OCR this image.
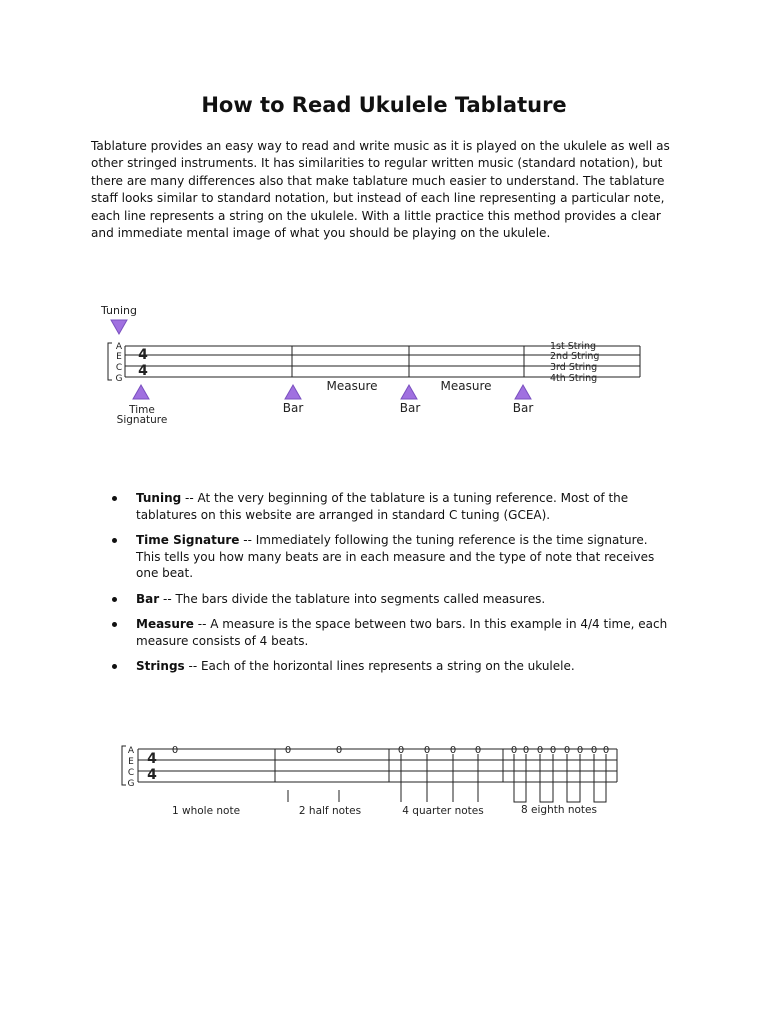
How to Read Ukulele Tablature

Tablature provides an easy way to read and write music as it is played on the ukulele as well as other stringed instruments. It has similarities to regular written music (standard notation), but there are many differences also that make tablature much easier to understand. The tablature staff looks similar to standard notation, but instead of each line representing a particular note, each line represents a string on the ukulele. With a little practice this method provides a clear and immediate mental image of what you should be playing on the ukulele.

Tuning
A
E
C
G
4
4
1st String
2nd String
3rd String
4th String
Time
Signature
Bar	Bar	Bar
Measure	Measure
Tuning -- At the very beginning of the tablature is a tuning reference. Most of the tablatures on this website are arranged in standard C tuning (GCEA).
Time Signature -- Immediately following the tuning reference is the time signature. This tells you how many beats are in each measure and the type of note that receives one beat.
Bar -- The bars divide the tablature into segments called measures.
Measure -- A measure is the space between two bars. In this example in 4/4 time, each measure consists of 4 beats.
Strings -- Each of the horizontal lines represents a string on the ukulele.
A
E
C
G
4
4
0	0	0	0 0 0 0	0 0 0 0 0 0 0 0
1 whole note	2 half notes	4 quarter notes	8 eighth notes
